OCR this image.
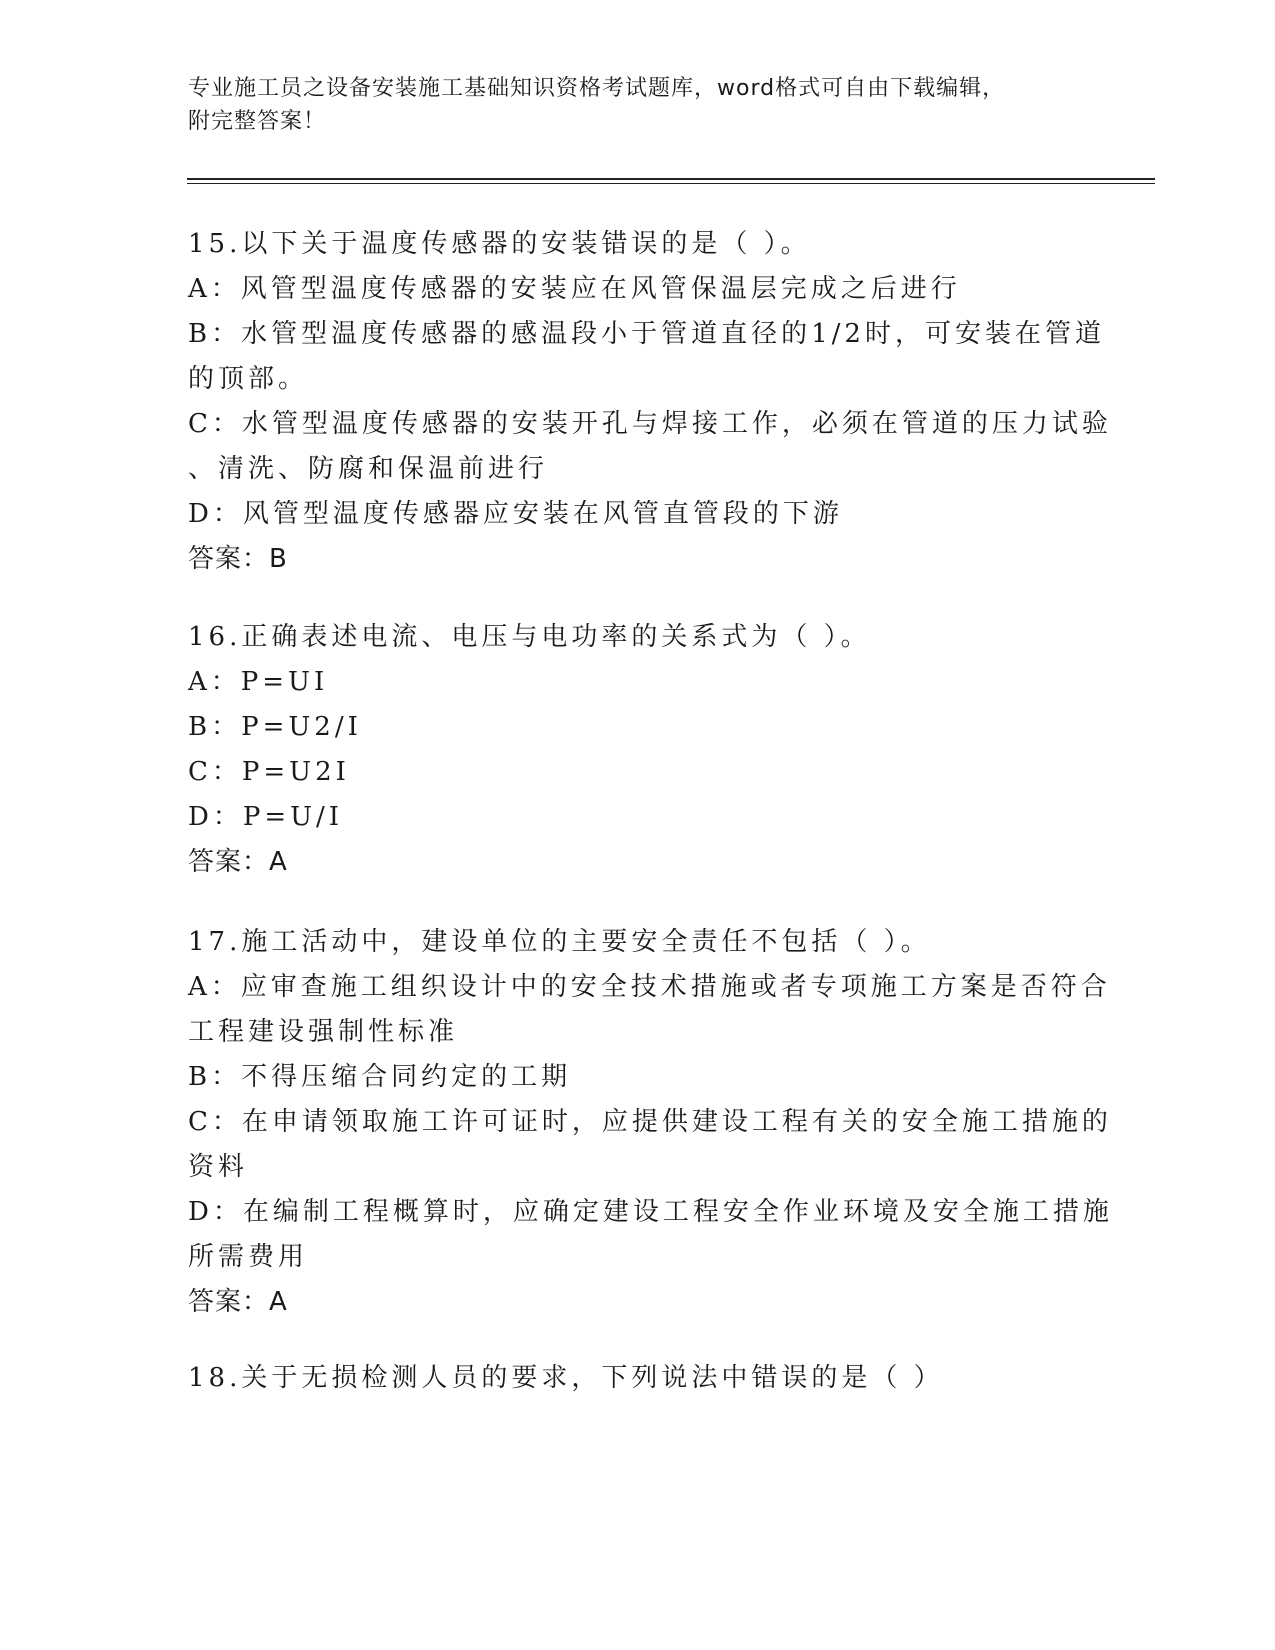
专业施工员之设备安装施工基础知识资格考试题库，word格式可自由下载编辑，
附完整答案！
15.以下关于温度传感器的安装错误的是（ ）。
A：风管型温度传感器的安装应在风管保温层完成之后进行
B：水管型温度传感器的感温段小于管道直径的1/2时，可安装在管道
的顶部。
C：水管型温度传感器的安装开孔与焊接工作，必须在管道的压力试验
、清洗、防腐和保温前进行
D：风管型温度传感器应安装在风管直管段的下游
答案：B
16.正确表述电流、电压与电功率的关系式为（ ）。
A：P=UI
B：P=U2/I
C：P=U2I
D：P=U/I
答案：A
17.施工活动中，建设单位的主要安全责任不包括（ ）。
A：应审查施工组织设计中的安全技术措施或者专项施工方案是否符合
工程建设强制性标准
B：不得压缩合同约定的工期
C：在申请领取施工许可证时，应提供建设工程有关的安全施工措施的
资料
D：在编制工程概算时，应确定建设工程安全作业环境及安全施工措施
所需费用
答案：A
18.关于无损检测人员的要求，下列说法中错误的是（ ）
